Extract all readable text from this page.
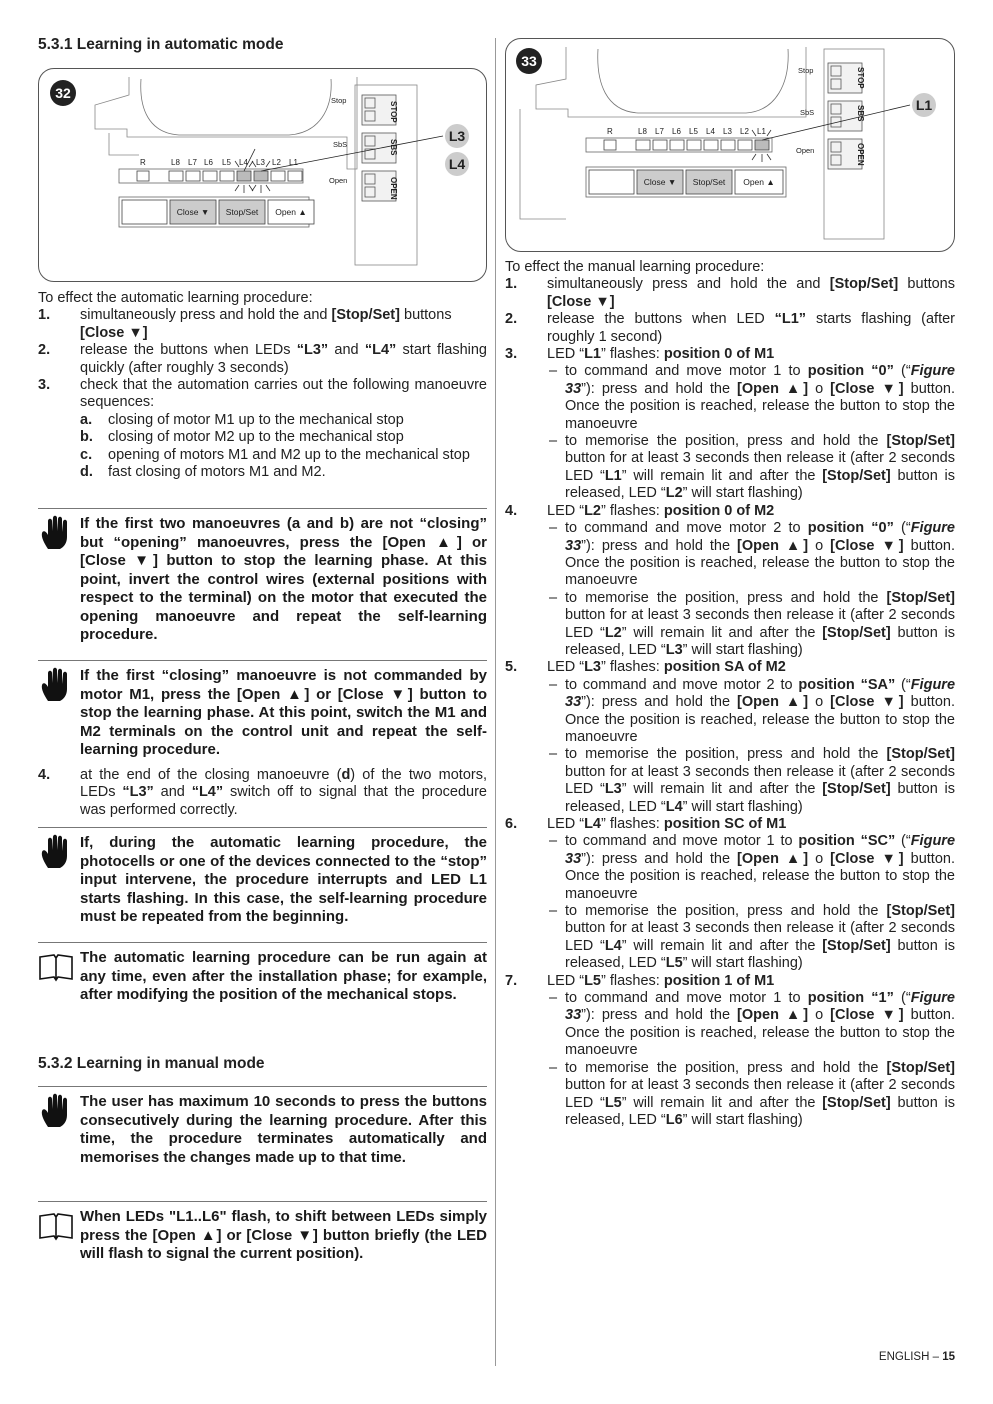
5.3.1 Learning in automatic mode
32
STOP
SBS
OPEN
Stop
SbS
Open
R	L8 L7 L6 L5 L4 L3 L2 L1
Close ▼ Stop/Set Open ▲
L3
L4

To effect the automatic learning procedure:

1. simultaneously press and hold the and [Stop/Set] buttons
[Close ▼]
2. release the buttons when LEDs “L3” and “L4” start flashing quickly (after roughly 3 seconds)
3. check that the automation carries out the following manoeuvre sequences:
a. closing of motor M1 up to the mechanical stop
b. closing of motor M2 up to the mechanical stop
c. opening of motors M1 and M2 up to the mechanical stop
d. fast closing of motors M1 and M2.
If the first two manoeuvres (a and b) are not “closing” but “opening” manoeuvres, press the [Open ▲] or [Close ▼] button to stop the learning phase. At this point, invert the control wires (external positions with respect to the terminal) on the motor that executed the opening manoeuvre and repeat the self-learning procedure.
If the first “closing” manoeuvre is not commanded by motor M1, press the [Open ▲] or [Close ▼] button to stop the learning phase. At this point, switch the M1 and M2 terminals on the control unit and repeat the self-learning procedure.
4. at the end of the closing manoeuvre (d) of the two motors, LEDs “L3” and “L4” switch off to signal that the procedure was performed correctly.
If, during the automatic learning procedure, the photocells or one of the devices connected to the “stop” input intervene, the procedure interrupts and LED L1 starts flashing. In this case, the self-learning procedure must be repeated from the beginning.
The automatic learning procedure can be run again at any time, even after the installation phase; for example, after modifying the position of the mechanical stops.
5.3.2 Learning in manual mode
The user has maximum 10 seconds to press the buttons consecutively during the learning procedure. After this time, the procedure terminates automatically and memorises the changes made up to that time.
When LEDs "L1..L6" flash, to shift between LEDs simply press the [Open ▲] or [Close ▼] button briefly (the LED will flash to signal the current position).
33
STOP
SBS
OPEN
Stop
SbS
Open
R	L8 L7 L6 L5 L4 L3 L2 L1
Close ▼ Stop/Set Open ▲
L1

To effect the manual learning procedure:

1. simultaneously press and hold the and [Stop/Set] buttons [Close ▼]
2. release the buttons when LED “L1” starts flashing (after roughly 1 second)
3. LED “L1” flashes: position 0 of M1
– to command and move motor 1 to position “0” (“Figure 33”): press and hold the [Open ▲] o [Close ▼] button. Once the position is reached, release the button to stop the manoeuvre
– to memorise the position, press and hold the [Stop/Set] button for at least 3 seconds then release it (after 2 seconds LED “L1” will remain lit and after the [Stop/Set] button is released, LED “L2” will start flashing)
4. LED “L2” flashes: position 0 of M2
– to command and move motor 2 to position “0” (“Figure 33”): press and hold the [Open ▲] o [Close ▼] button. Once the position is reached, release the button to stop the manoeuvre
– to memorise the position, press and hold the [Stop/Set] button for at least 3 seconds then release it (after 2 seconds LED “L2” will remain lit and after the [Stop/Set] button is released, LED “L3” will start flashing)
5. LED “L3” flashes: position SA of M2
– to command and move motor 2 to position “SA” (“Figure 33”): press and hold the [Open ▲] o [Close ▼] button. Once the position is reached, release the button to stop the manoeuvre
– to memorise the position, press and hold the [Stop/Set] button for at least 3 seconds then release it (after 2 seconds LED “L3” will remain lit and after the [Stop/Set] button is released, LED “L4” will start flashing)
6. LED “L4” flashes: position SC of M1
– to command and move motor 1 to position “SC” (“Figure 33”): press and hold the [Open ▲] o [Close ▼] button. Once the position is reached, release the button to stop the manoeuvre
– to memorise the position, press and hold the [Stop/Set] button for at least 3 seconds then release it (after 2 seconds LED “L4” will remain lit and after the [Stop/Set] button is released, LED “L5” will start flashing)
7. LED “L5” flashes: position 1 of M1
– to command and move motor 1 to position “1” (“Figure 33”): press and hold the [Open ▲] o [Close ▼] button. Once the position is reached, release the button to stop the manoeuvre
– to memorise the position, press and hold the [Stop/Set] button for at least 3 seconds then release it (after 2 seconds LED “L5” will remain lit and after the [Stop/Set] button is released, LED “L6” will start flashing)
ENGLISH – 15
